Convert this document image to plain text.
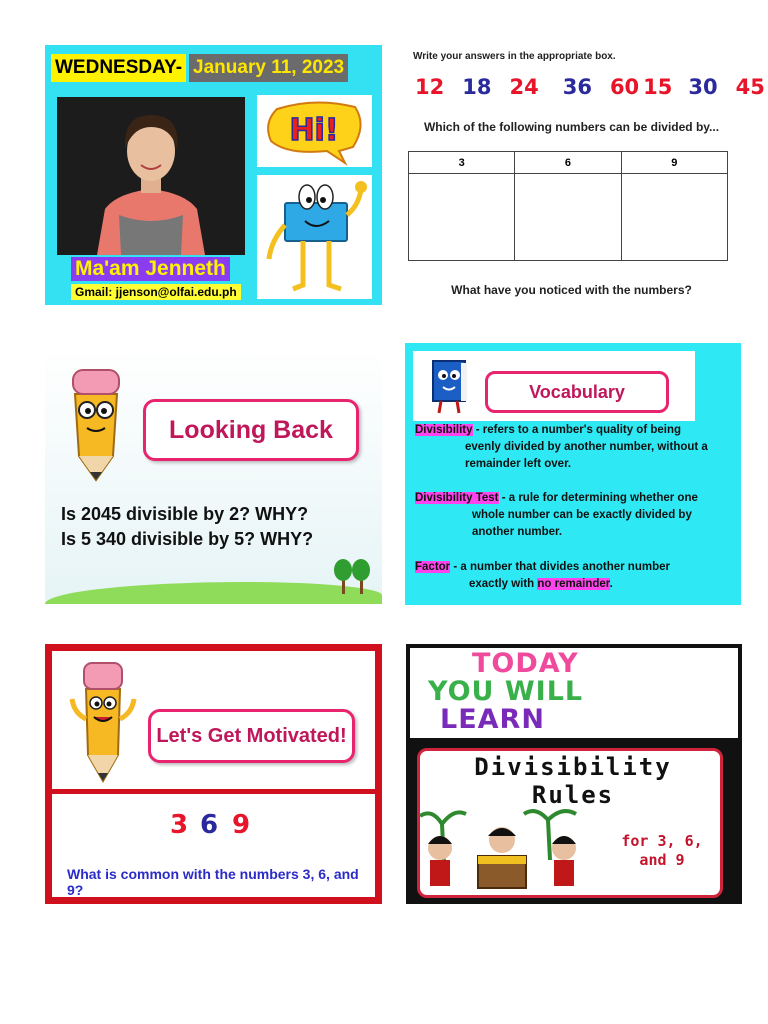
WEDNESDAY- January 11, 2023
Ma'am Jenneth
Gmail: jjenson@olfai.edu.ph
Hi!
Write your answers in the appropriate box.
12 18 24 36 60 15 30 45
Which of the following numbers can be divided by...
3	6	9

What have you noticed with the numbers?
Looking Back
Is 2045 divisible by 2? WHY?
Is 5 340 divisible by 5? WHY?
Vocabulary
Divisibility - refers to a number's quality of being
evenly divided by another number, without a
remainder left over.
Divisibility Test - a rule for determining whether one
whole number can be exactly divided by
another number.
Factor - a number that divides another number
exactly with no remainder.
Let's Get Motivated!
3 6 9
What is common with the numbers 3, 6, and 9?
TODAY
YOU WILL
LEARN
Divisibility
Rules
for 3, 6,
and 9
